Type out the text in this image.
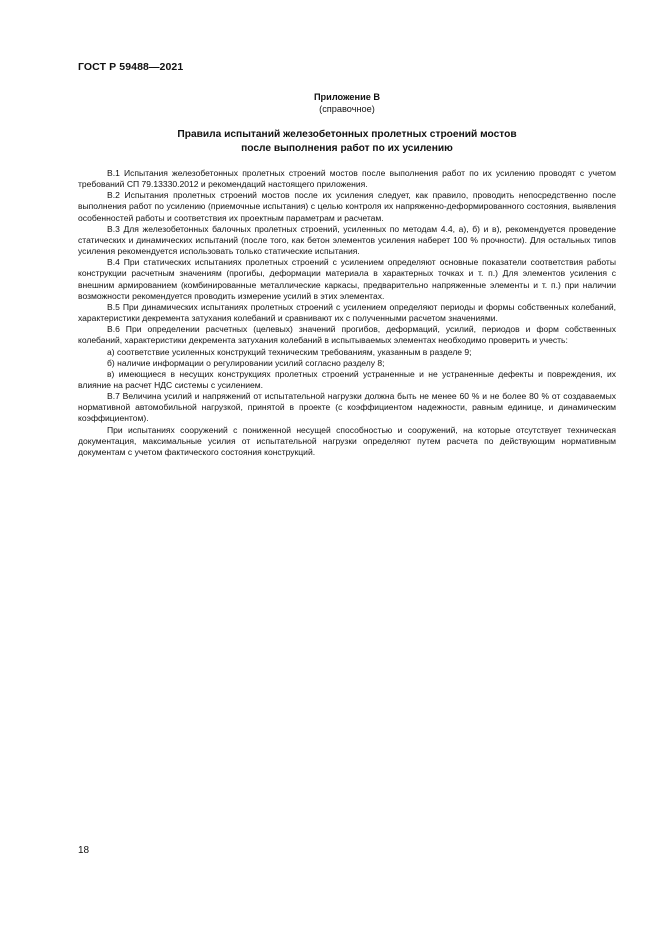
ГОСТ Р 59488—2021
Приложение В
(справочное)
Правила испытаний железобетонных пролетных строений мостов
после выполнения работ по их усилению

В.1 Испытания железобетонных пролетных строений мостов после выполнения работ по их усилению проводят с учетом требований СП 79.13330.2012 и рекомендаций настоящего приложения.

В.2 Испытания пролетных строений мостов после их усиления следует, как правило, проводить непосредственно после выполнения работ по усилению (приемочные испытания) с целью контроля их напряженно-деформированного состояния, выявления особенностей работы и соответствия их проектным параметрам и расчетам.

В.3 Для железобетонных балочных пролетных строений, усиленных по методам 4.4, а), б) и в), рекомендуется проведение статических и динамических испытаний (после того, как бетон элементов усиления наберет 100 % прочности). Для остальных типов усиления рекомендуется использовать только статические испытания.

В.4 При статических испытаниях пролетных строений с усилением определяют основные показатели соответствия работы конструкции расчетным значениям (прогибы, деформации материала в характерных точках и т. п.) Для элементов усиления с внешним армированием (комбинированные металлические каркасы, предварительно напряженные элементы и т. п.) при наличии возможности рекомендуется проводить измерение усилий в этих элементах.

В.5 При динамических испытаниях пролетных строений с усилением определяют периоды и формы собственных колебаний, характеристики декремента затухания колебаний и сравнивают их с полученными расчетом значениями.

В.6 При определении расчетных (целевых) значений прогибов, деформаций, усилий, периодов и форм собственных колебаний, характеристики декремента затухания колебаний в испытываемых элементах необходимо проверить и учесть:

а) соответствие усиленных конструкций техническим требованиям, указанным в разделе 9;

б) наличие информации о регулировании усилий согласно разделу 8;

в) имеющиеся в несущих конструкциях пролетных строений устраненные и не устраненные дефекты и повреждения, их влияние на расчет НДС системы с усилением.

В.7 Величина усилий и напряжений от испытательной нагрузки должна быть не менее 60 % и не более 80 % от создаваемых нормативной автомобильной нагрузкой, принятой в проекте (с коэффициентом надежности, равным единице, и динамическим коэффициентом).

При испытаниях сооружений с пониженной несущей способностью и сооружений, на которые отсутствует техническая документация, максимальные усилия от испытательной нагрузки определяют путем расчета по действующим нормативным документам с учетом фактического состояния конструкций.

18
